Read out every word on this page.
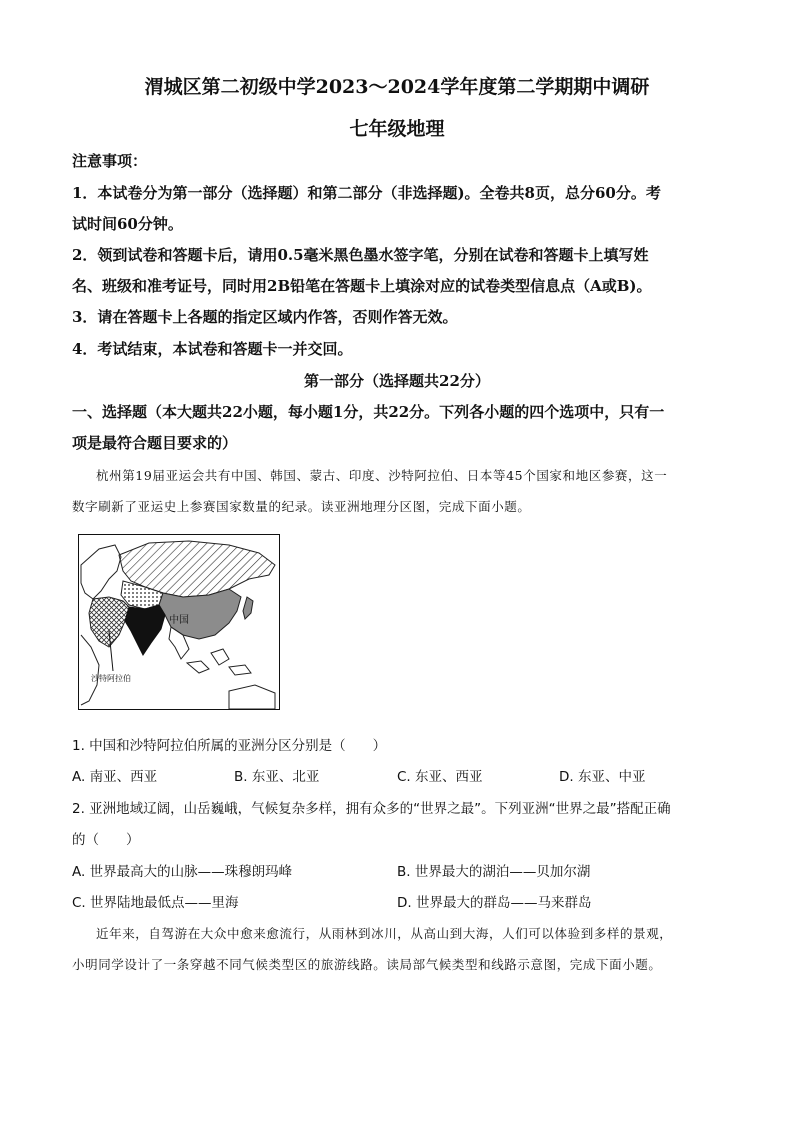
渭城区第二初级中学2023～2024学年度第二学期期中调研
七年级地理
注意事项：
1．本试卷分为第一部分（选择题）和第二部分（非选择题)。全卷共8页，总分60分。考
试时间60分钟。
2．领到试卷和答题卡后，请用0.5毫米黑色墨水签字笔，分别在试卷和答题卡上填写姓
名、班级和准考证号，同时用2B铅笔在答题卡上填涂对应的试卷类型信息点（A或B)。
3．请在答题卡上各题的指定区域内作答，否则作答无效。
4．考试结束，本试卷和答题卡一并交回。
第一部分（选择题共22分）
一、选择题（本大题共22小题，每小题1分，共22分。下列各小题的四个选项中，只有一
项是最符合题目要求的）
杭州第19届亚运会共有中国、韩国、蒙古、印度、沙特阿拉伯、日本等45个国家和地区参赛，这一
数字刷新了亚运史上参赛国家数量的纪录。读亚洲地理分区图，完成下面小题。
中国
沙特阿拉伯
1. 中国和沙特阿拉伯所属的亚洲分区分别是（　　）
A. 南亚、西亚	B. 东亚、北亚	C. 东亚、西亚	D. 东亚、中亚
2. 亚洲地域辽阔，山岳巍峨，气候复杂多样，拥有众多的“世界之最”。下列亚洲“世界之最”搭配正确
的（　　）
A. 世界最高大的山脉——珠穆朗玛峰	B. 世界最大的湖泊——贝加尔湖
C. 世界陆地最低点——里海	D. 世界最大的群岛——马来群岛
近年来，自驾游在大众中愈来愈流行，从雨林到冰川，从高山到大海，人们可以体验到多样的景观，
小明同学设计了一条穿越不同气候类型区的旅游线路。读局部气候类型和线路示意图，完成下面小题。
